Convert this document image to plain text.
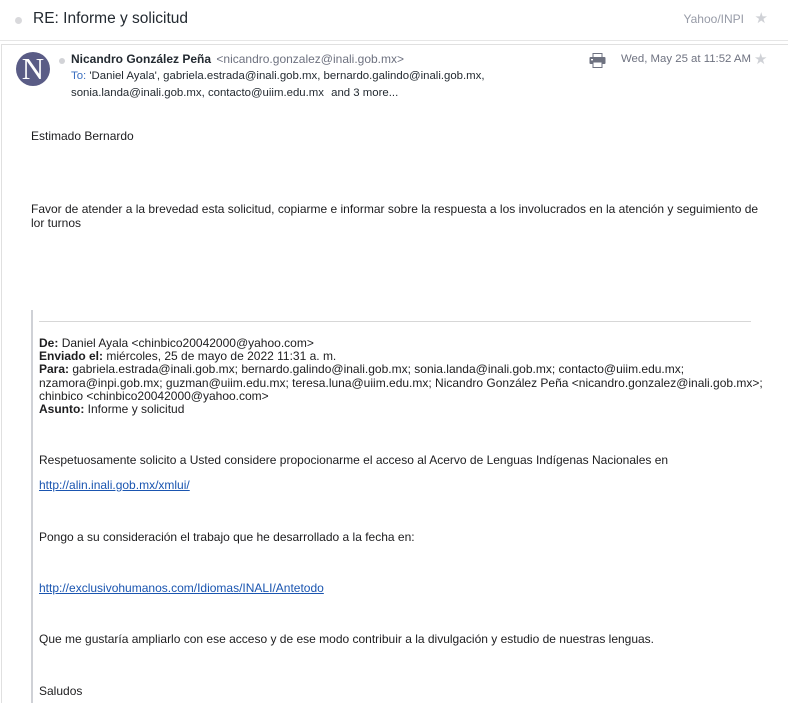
RE: Informe y solicitud	Yahoo/INPI ★
N	Nicandro González Peña <nicandro.gonzalez@inali.gob.mx>
To: 'Daniel Ayala', gabriela.estrada@inali.gob.mx, bernardo.galindo@inali.gob.mx,
sonia.landa@inali.gob.mx, contacto@uiim.edu.mx and 3 more...
Wed, May 25 at 11:52 AM ★
Estimado Bernardo
Favor de atender a la brevedad esta solicitud, copiarme e informar sobre la respuesta a los involucrados en la atención y seguimiento de lor turnos
De: Daniel Ayala <chinbico20042000@yahoo.com>
Enviado el: miércoles, 25 de mayo de 2022 11:31 a. m.
Para: gabriela.estrada@inali.gob.mx; bernardo.galindo@inali.gob.mx; sonia.landa@inali.gob.mx; contacto@uiim.edu.mx;
nzamora@inpi.gob.mx; guzman@uiim.edu.mx; teresa.luna@uiim.edu.mx; Nicandro González Peña <nicandro.gonzalez@inali.gob.mx>;
chinbico <chinbico20042000@yahoo.com>
Asunto: Informe y solicitud
Respetuosamente solicito a Usted considere propocionarme el acceso al Acervo de Lenguas Indígenas Nacionales en
http://alin.inali.gob.mx/xmlui/
Pongo a su consideración el trabajo que he desarrollado a la fecha en:
http://exclusivohumanos.com/Idiomas/INALI/Antetodo
Que me gustaría ampliarlo con ese acceso y de ese modo contribuir a la divulgación y estudio de nuestras lenguas.
Saludos
